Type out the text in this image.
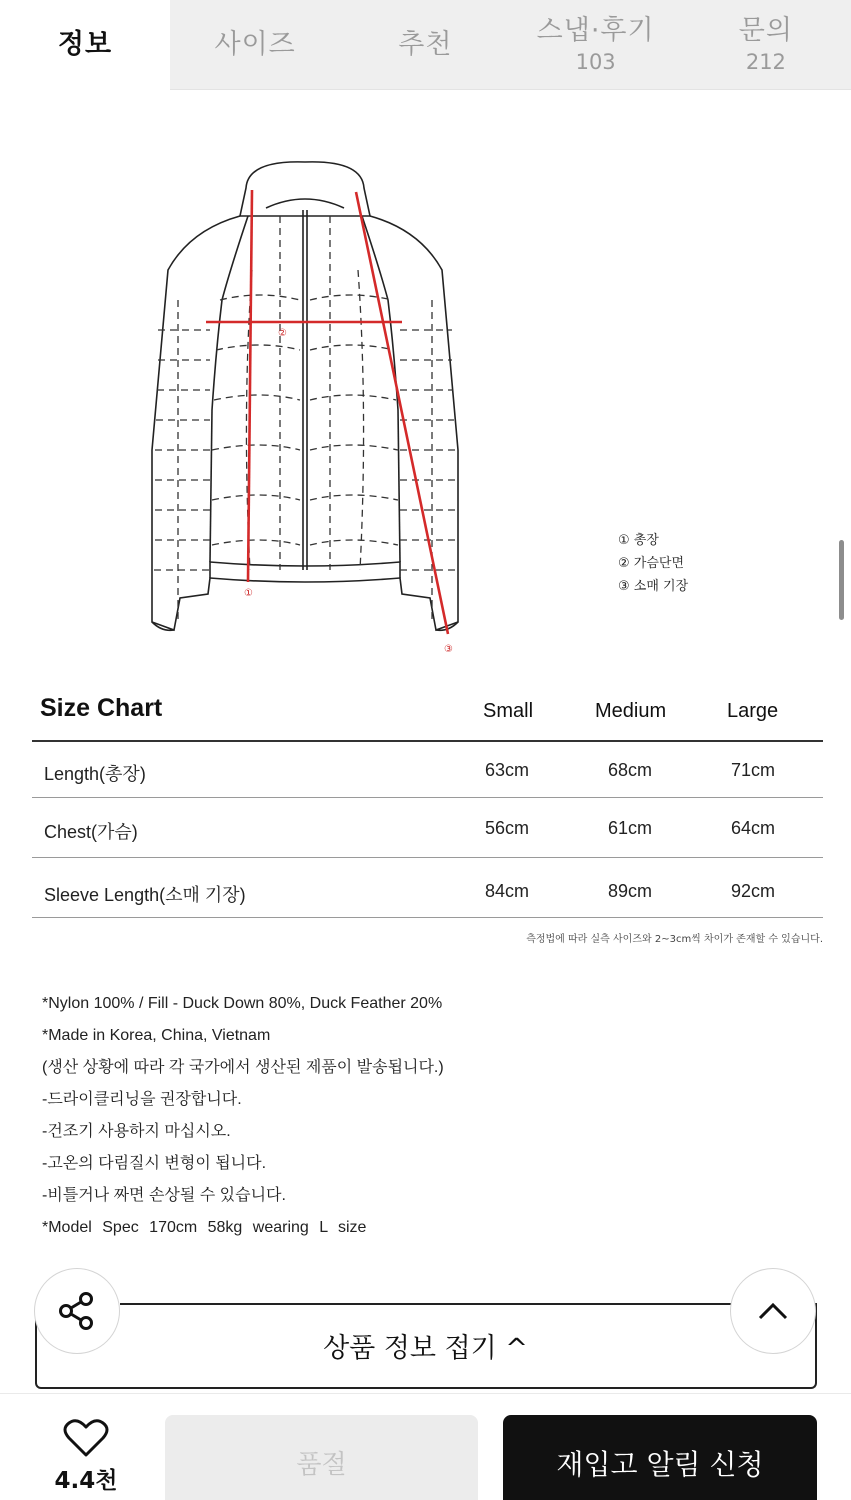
정보	사이즈	추천	스냅·후기
103
문의
212
①
②
③
① 총장
② 가슴단면
③ 소매 기장
Size Chart	Small	Medium	Large
Length(총장)	63cm	68cm	71cm
Chest(가슴)	56cm	61cm	64cm
Sleeve Length(소매 기장)	84cm	89cm	92cm
측정법에 따라 실측 사이즈와 2~3cm씩 차이가 존재할 수 있습니다.
*Nylon 100% / Fill - Duck Down 80%, Duck Feather 20%
*Made in Korea, China, Vietnam
(생산 상황에 따라 각 국가에서 생산된 제품이 발송됩니다.)
-드라이클리닝을 권장합니다.
-건조기 사용하지 마십시오.
-고온의 다림질시 변형이 됩니다.
-비틀거나 짜면 손상될 수 있습니다.
*Model Spec 170cm 58kg wearing L size
상품 정보 접기 ^
4.4천
품절	재입고 알림 신청
